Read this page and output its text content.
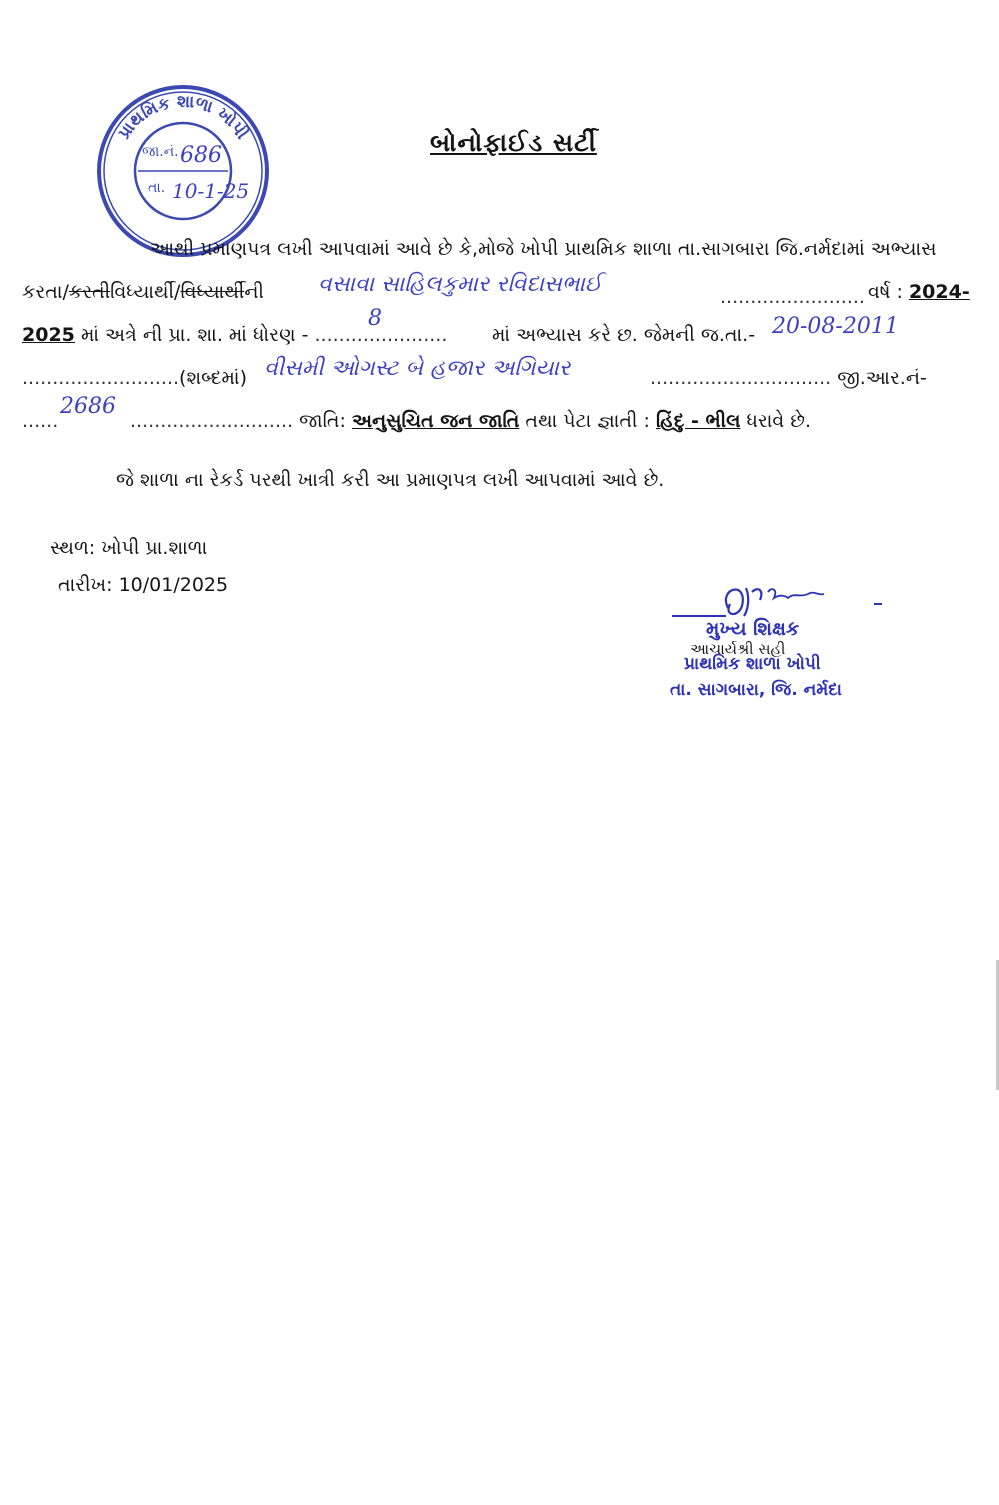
પ્રાથમિક શાળા ખોપી
જા.નં. 686
તા. 10-1-25
બોનોફાઈડ સર્ટી
આથી પ્રમાણપત્ર લખી આપવામાં આવે છે કે,મોજે ખોપી પ્રાથમિક શાળા તા.સાગબારા જિ.નર્મદામાં અભ્યાસ
કરતા/કરતીવિધ્યાર્થી/વિધ્યાર્થીની	વસાવા સાહિલકુમાર રવિદાસભાઈ	........................ વર્ષ : 2024-
2025 માં અત્રે ની પ્રા. શા. માં ધોરણ - ......................
8
માં અભ્યાસ કરે છ. જેમની જ.તા.- 20-08-2011
..........................(શબ્દમાં) વીસમી ઓગસ્ટ બે હજાર અગિયાર	.............................. જી.આર.નં-
......
2686
........................... જાતિ: અનુસુચિત જન જાતિ તથા પેટા જ્ઞાતી : હિંદુ - ભીલ ધરાવે છે.
જે શાળા ના રેકર્ડ પરથી ખાત્રી કરી આ પ્રમાણપત્ર લખી આપવામાં આવે છે.
સ્થળ: ખોપી પ્રા.શાળા
તારીખ: 10/01/2025
મુખ્ય શિક્ષક
આચાર્યશ્રી સહી
પ્રાથમિક શાળા ખોપી
તા. સાગબારા, જિ. નર્મદા
